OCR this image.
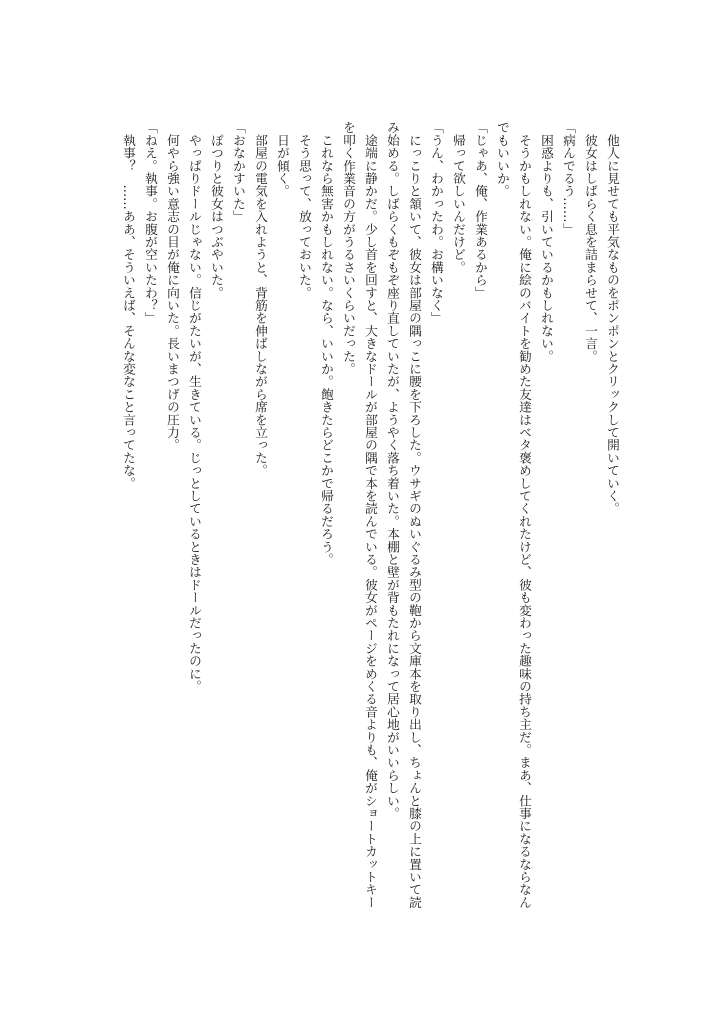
　他人に見せても平気なものをポンポンとクリックして開いていく。
　彼女はしばらく息を詰まらせて、一言。
「病んでるう……」
　困惑よりも、引いているかもしれない。
　そうかもしれない。俺に絵のバイトを勧めた友達はベタ褒めしてくれたけど、彼も変わった趣味の持ち主だ。まあ、仕事になるならなん
でもいいか。
「じゃあ、俺、作業あるから」
　帰って欲しいんだけど。
「うん、わかったわ。お構いなく」
　にっこりと頷いて、彼女は部屋の隅っこに腰を下ろした。ウサギのぬいぐるみ型の鞄から文庫本を取り出し、ちょんと膝の上に置いて読
み始める。しばらくもぞもぞ座り直していたが、ようやく落ち着いた。本棚と壁が背もたれになって居心地がいいらしい。
　途端に静かだ。少し首を回すと、大きなドールが部屋の隅で本を読んでいる。彼女がページをめくる音よりも、俺がショートカットキー
を叩く作業音の方がうるさいくらいだった。
　これなら無害かもしれない。なら、いいか。飽きたらどこかで帰るだろう。
　そう思って、放っておいた。
　日が傾く。
　部屋の電気を入れようと、背筋を伸ばしながら席を立った。
「おなかすいた」
　ぽつりと彼女はつぶやいた。
　やっぱりドールじゃない。信じがたいが、生きている。じっとしているときはドールだったのに。
　何やら強い意志の目が俺に向いた。長いまつげの圧力。
「ねえ。執事。お腹が空いたわ？」
　執事？　……ああ、そういえば、そんな変なこと言ってたな。
